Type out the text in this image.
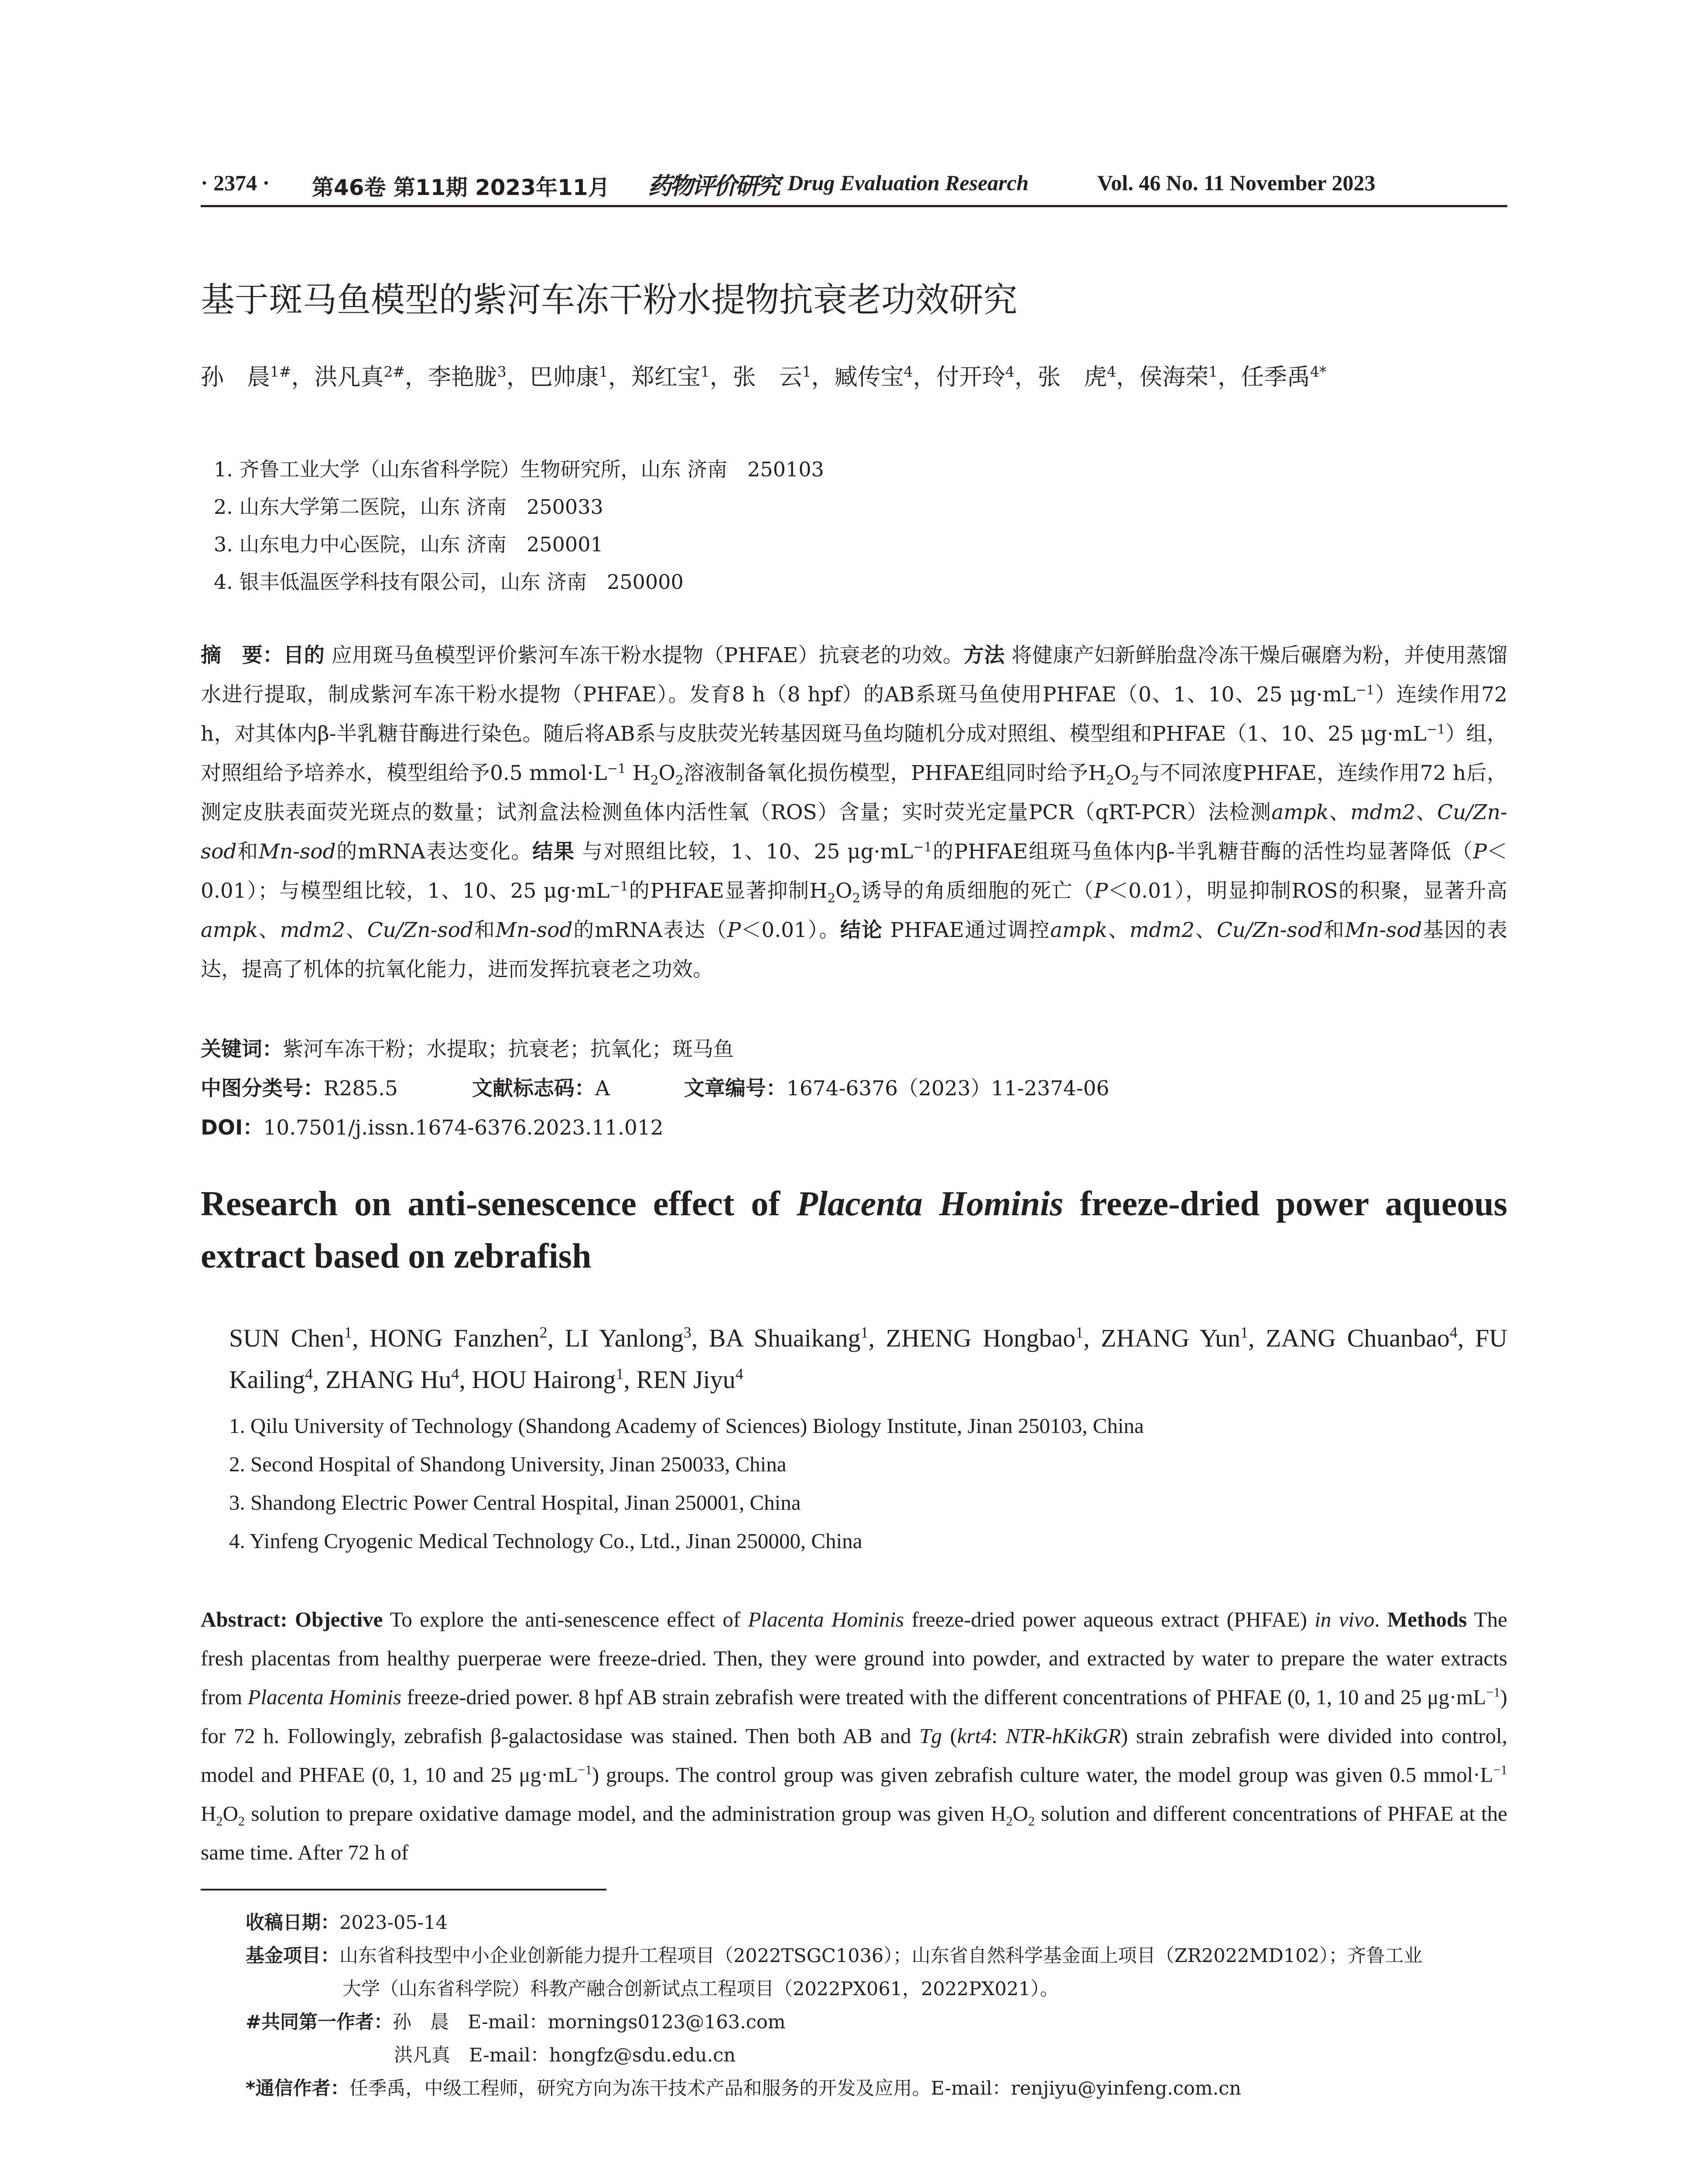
· 2374 · 第46卷 第11期 2023年11月 药物评价研究 Drug Evaluation Research	Vol. 46 No. 11 November 2023
基于斑马鱼模型的紫河车冻干粉水提物抗衰老功效研究
孙　晨$^{1\#}$，洪凡真$^{2\#}$，李艳胧$^3$，巴帅康$^1$，郑红宝$^1$，张　云$^1$，臧传宝$^4$，付开玲$^4$，张　虎$^4$，侯海荣$^1$，任季禹$^{4*}$
1. 齐鲁工业大学（山东省科学院）生物研究所，山东 济南　250103
2. 山东大学第二医院，山东 济南　250033
3. 山东电力中心医院，山东 济南　250001
4. 银丰低温医学科技有限公司，山东 济南　250000
摘　要：目的 应用斑马鱼模型评价紫河车冻干粉水提物（PHFAE）抗衰老的功效。方法 将健康产妇新鲜胎盘冷冻干燥后碾磨为粉，并使用蒸馏水进行提取，制成紫河车冻干粉水提物（PHFAE）。发育8 h（8 hpf）的AB系斑马鱼使用PHFAE（0、1、10、25 $\mu g\cdot mL^{-1}$）连续作用72 h，对其体内β-半乳糖苷酶进行染色。随后将AB系与皮肤荧光转基因斑马鱼均随机分成对照组、模型组和PHFAE（1、10、25 $\mu g\cdot mL^{-1}$）组，对照组给予培养水，模型组给予0.5 $mmol\cdot L^{-1}$ $H_2O_2$溶液制备氧化损伤模型，PHFAE组同时给予$H_2O_2$与不同浓度PHFAE，连续作用72 h后，测定皮肤表面荧光斑点的数量；试剂盒法检测鱼体内活性氧（ROS）含量；实时荧光定量PCR（qRT-PCR）法检测ampk、mdm2、Cu/Zn-sod和Mn-sod的mRNA表达变化。结果 与对照组比较，1、10、25 $\mu g\cdot mL^{-1}$的PHFAE组斑马鱼体内β-半乳糖苷酶的活性均显著降低（P＜0.01）；与模型组比较，1、10、25 $\mu g\cdot mL^{-1}$的PHFAE显著抑制$H_2O_2$诱导的角质细胞的死亡（P＜0.01），明显抑制ROS的积聚，显著升高ampk、mdm2、Cu/Zn-sod和Mn-sod的mRNA表达（P＜0.01）。结论 PHFAE通过调控ampk、mdm2、Cu/Zn-sod和Mn-sod基因的表达，提高了机体的抗氧化能力，进而发挥抗衰老之功效。
关键词：紫河车冻干粉；水提取；抗衰老；抗氧化；斑马鱼
中图分类号：R285.5	文献标志码：A	文章编号：1674-6376（2023）11-2374-06
DOI：10.7501/j.issn.1674-6376.2023.11.012
Research on anti-senescence effect of Placenta Hominis freeze-dried power aqueous extract based on zebrafish
SUN Chen$^1$, HONG Fanzhen$^2$, LI Yanlong$^3$, BA Shuaikang$^1$, ZHENG Hongbao$^1$, ZHANG Yun$^1$, ZANG Chuanbao$^4$, FU Kailing$^4$, ZHANG Hu$^4$, HOU Hairong$^1$, REN Jiyu$^4$
1. Qilu University of Technology (Shandong Academy of Sciences) Biology Institute, Jinan 250103, China
2. Second Hospital of Shandong University, Jinan 250033, China
3. Shandong Electric Power Central Hospital, Jinan 250001, China
4. Yinfeng Cryogenic Medical Technology Co., Ltd., Jinan 250000, China
Abstract: Objective To explore the anti-senescence effect of Placenta Hominis freeze-dried power aqueous extract (PHFAE) in vivo. Methods The fresh placentas from healthy puerperae were freeze-dried. Then, they were ground into powder, and extracted by water to prepare the water extracts from Placenta Hominis freeze-dried power. 8 hpf AB strain zebrafish were treated with the different concentrations of PHFAE (0, 1, 10 and 25 $\mu g\cdot mL^{-1}$) for 72 h. Followingly, zebrafish β-galactosidase was stained. Then both AB and Tg (krt4: NTR-hKikGR) strain zebrafish were divided into control, model and PHFAE (0, 1, 10 and 25 $\mu g\cdot mL^{-1}$) groups. The control group was given zebrafish culture water, the model group was given 0.5 $mmol\cdot L^{-1}$ $H_2O_2$ solution to prepare oxidative damage model, and the administration group was given $H_2O_2$ solution and different concentrations of PHFAE at the same time. After 72 h of
收稿日期：2023-05-14
基金项目：山东省科技型中小企业创新能力提升工程项目（2022TSGC1036）；山东省自然科学基金面上项目（ZR2022MD102）；齐鲁工业
大学（山东省科学院）科教产融合创新试点工程项目（2022PX061，2022PX021）。
#共同第一作者：孙　晨　E-mail：mornings0123@163.com
洪凡真　E-mail：hongfz@sdu.edu.cn
*通信作者：任季禹，中级工程师，研究方向为冻干技术产品和服务的开发及应用。E-mail：renjiyu@yinfeng.com.cn
